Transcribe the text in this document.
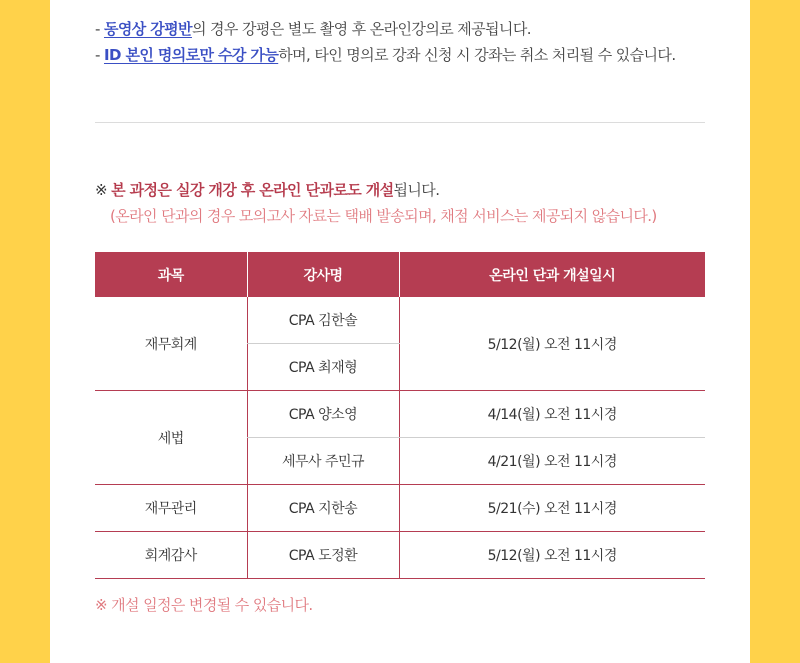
- 동영상 강평반의 경우 강평은 별도 촬영 후 온라인강의로 제공됩니다.
- ID 본인 명의로만 수강 가능하며, 타인 명의로 강좌 신청 시 강좌는 취소 처리될 수 있습니다.
※ 본 과정은 실강 개강 후 온라인 단과로도 개설됩니다.
(온라인 단과의 경우 모의고사 자료는 택배 발송되며, 채점 서비스는 제공되지 않습니다.)
과목	강사명	온라인 단과 개설일시
재무회계	CPA 김한솔	5/12(월) 오전 11시경
	CPA 최재형	
세법	CPA 양소영	4/14(월) 오전 11시경
	세무사 주민규	4/21(월) 오전 11시경
재무관리	CPA 지한송	5/21(수) 오전 11시경
회계감사	CPA 도정환	5/12(월) 오전 11시경
※ 개설 일정은 변경될 수 있습니다.
